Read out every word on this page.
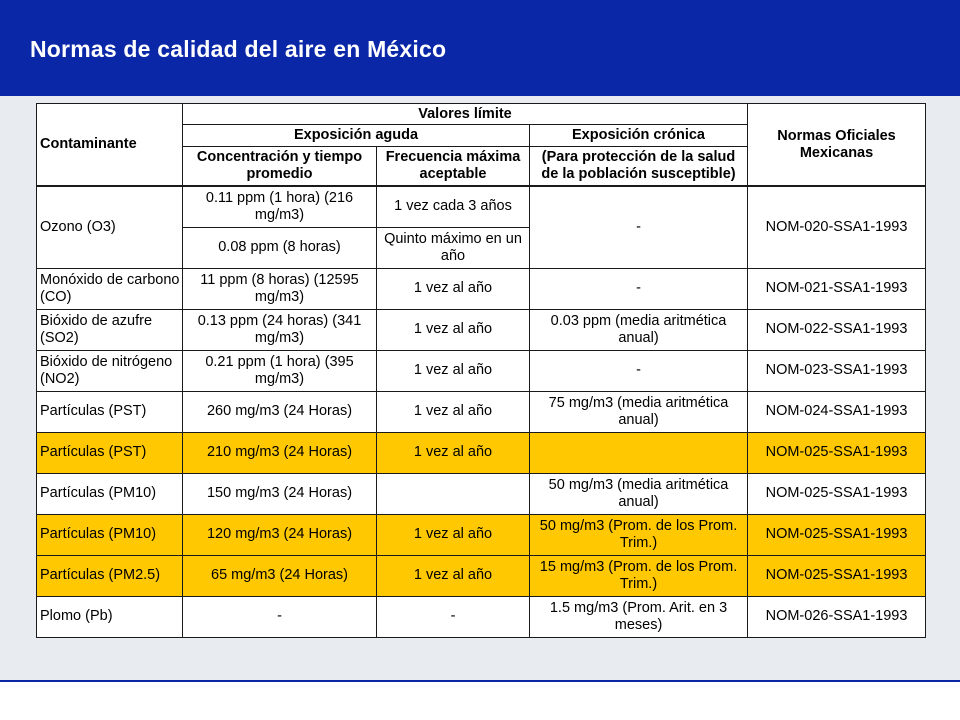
Normas de calidad del aire en México
Contaminante	Valores límite			Normas Oficiales Mexicanas
	Exposición aguda		Exposición crónica	
	Concentración y tiempo promedio	Frecuencia máxima aceptable	(Para protección de la salud de la población susceptible)	
Ozono (O3)	0.11 ppm (1 hora) (216 mg/m3)	1 vez cada 3 años	-	NOM-020-SSA1-1993
	0.08 ppm (8 horas)	Quinto máximo en un año		
Monóxido de carbono (CO)	11 ppm (8 horas) (12595 mg/m3)	1 vez al año	-	NOM-021-SSA1-1993
Bióxido de azufre (SO2)	0.13 ppm (24 horas) (341 mg/m3)	1 vez al año	0.03 ppm (media aritmética anual)	NOM-022-SSA1-1993
Bióxido de nitrógeno (NO2)	0.21 ppm (1 hora) (395 mg/m3)	1 vez al año	-	NOM-023-SSA1-1993
Partículas (PST)	260 mg/m3 (24 Horas)	1 vez al año	75 mg/m3 (media aritmética anual)	NOM-024-SSA1-1993
Partículas (PST)	210 mg/m3 (24 Horas)	1 vez al año		NOM-025-SSA1-1993
Partículas (PM10)	150 mg/m3 (24 Horas)		50 mg/m3 (media aritmética anual)	NOM-025-SSA1-1993
Partículas (PM10)	120 mg/m3 (24 Horas)	1 vez al año	50 mg/m3 (Prom. de los Prom. Trim.)	NOM-025-SSA1-1993
Partículas (PM2.5)	65 mg/m3 (24 Horas)	1 vez al año	15 mg/m3 (Prom. de los Prom. Trim.)	NOM-025-SSA1-1993
Plomo (Pb)	-	-	1.5 mg/m3 (Prom. Arit. en 3 meses)	NOM-026-SSA1-1993
